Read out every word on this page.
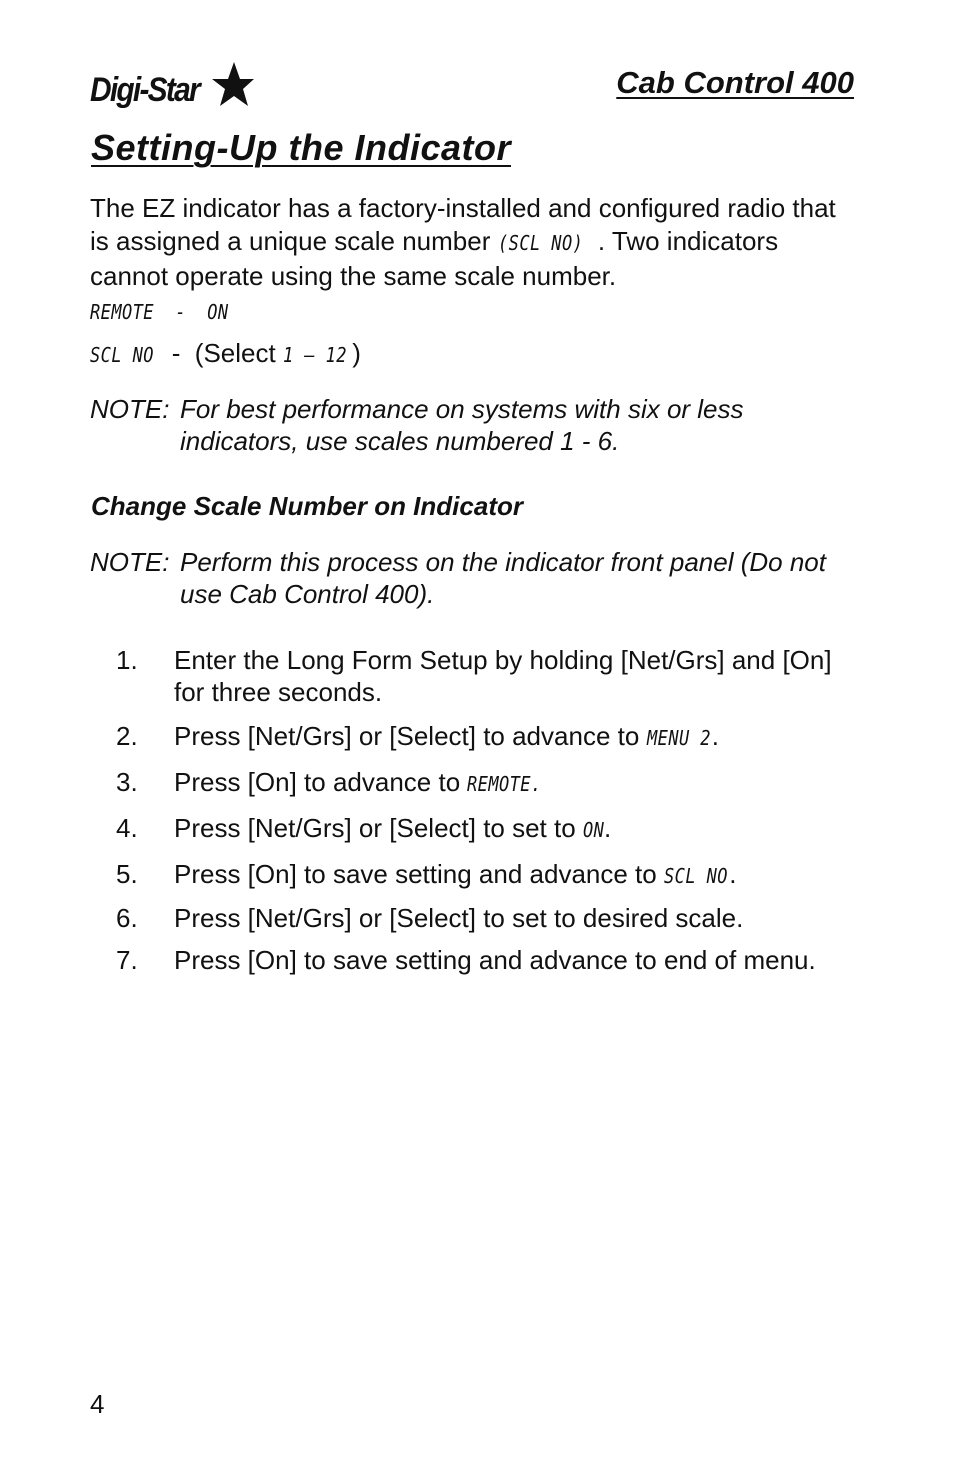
Digi-Star	Cab Control 400
Setting-Up the Indicator
The EZ indicator has a factory-installed and configured radio that is assigned a unique scale number (SCL NO) . Two indicators cannot operate using the same scale number.
REMOTE  -  ON
SCL NO  -  (Select 1 – 12 )
NOTE: For best performance on systems with six or less indicators, use scales numbered 1 - 6.
Change Scale Number on Indicator
NOTE: Perform this process on the indicator front panel (Do not use Cab Control 400).
1.	Enter the Long Form Setup by holding [Net/Grs] and [On] for three seconds.
2.	Press [Net/Grs] or [Select] to advance to MENU 2.
3.	Press [On] to advance to REMOTE.
4.	Press [Net/Grs] or [Select] to set to ON.
5.	Press [On] to save setting and advance to SCL NO.
6.	Press [Net/Grs] or [Select] to set to desired scale.
7.	Press [On] to save setting and advance to end of menu.
4
